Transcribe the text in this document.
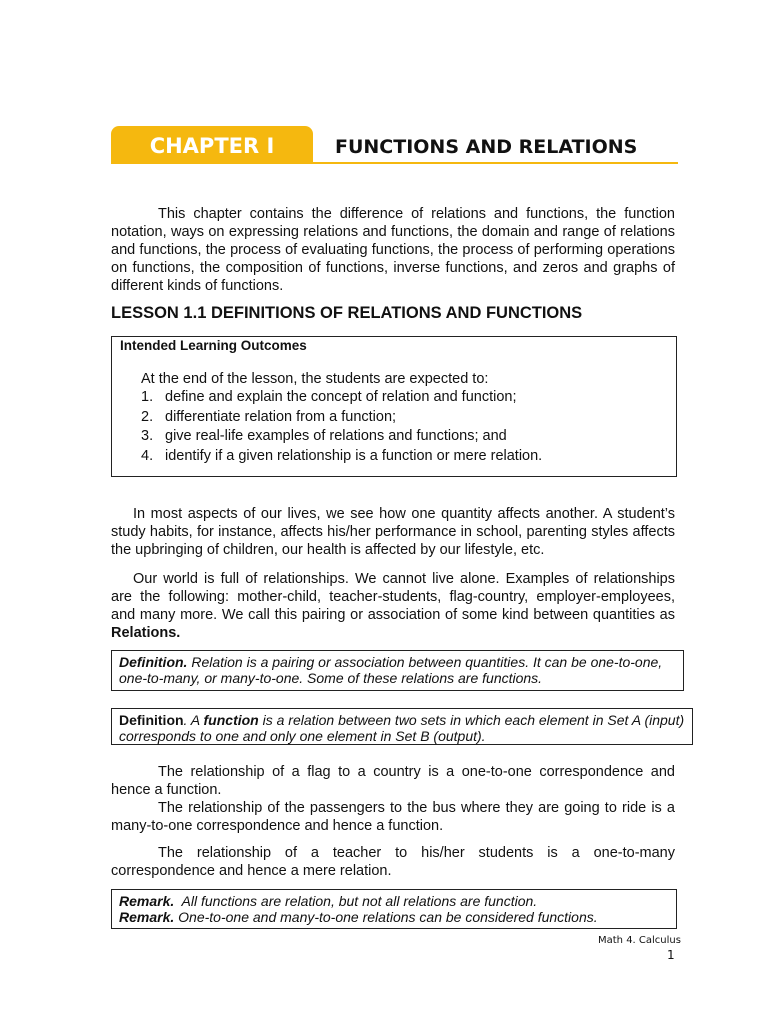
CHAPTER I	FUNCTIONS AND RELATIONS

This chapter contains the difference of relations and functions, the function notation, ways on expressing relations and functions, the domain and range of relations and functions, the process of evaluating functions, the process of performing operations on functions, the composition of functions, inverse functions, and zeros and graphs of different kinds of functions.

LESSON 1.1 DEFINITIONS OF RELATIONS AND FUNCTIONS
Intended Learning Outcomes
At the end of the lesson, the students are expected to:
1. define and explain the concept of relation and function;
2. differentiate relation from a function;
3. give real-life examples of relations and functions; and
4. identify if a given relationship is a function or mere relation.

In most aspects of our lives, we see how one quantity affects another. A student’s study habits, for instance, affects his/her performance in school, parenting styles affects the upbringing of children, our health is affected by our lifestyle, etc.

Our world is full of relationships. We cannot live alone. Examples of relationships are the following: mother-child, teacher-students, flag-country, employer-employees, and many more. We call this pairing or association of some kind between quantities as Relations.

Definition. Relation is a pairing or association between quantities. It can be one-to-one, one-to-many, or many-to-one. Some of these relations are functions.
Definition. A function is a relation between two sets in which each element in Set A (input) corresponds to one and only one element in Set B (output).

The relationship of a flag to a country is a one-to-one correspondence and hence a function.

The relationship of the passengers to the bus where they are going to ride is a many-to-one correspondence and hence a function.

The relationship of a teacher to his/her students is a one-to-many correspondence and hence a mere relation.

Remark. All functions are relation, but not all relations are function.
Remark. One-to-one and many-to-one relations can be considered functions.
Math 4. Calculus
1
